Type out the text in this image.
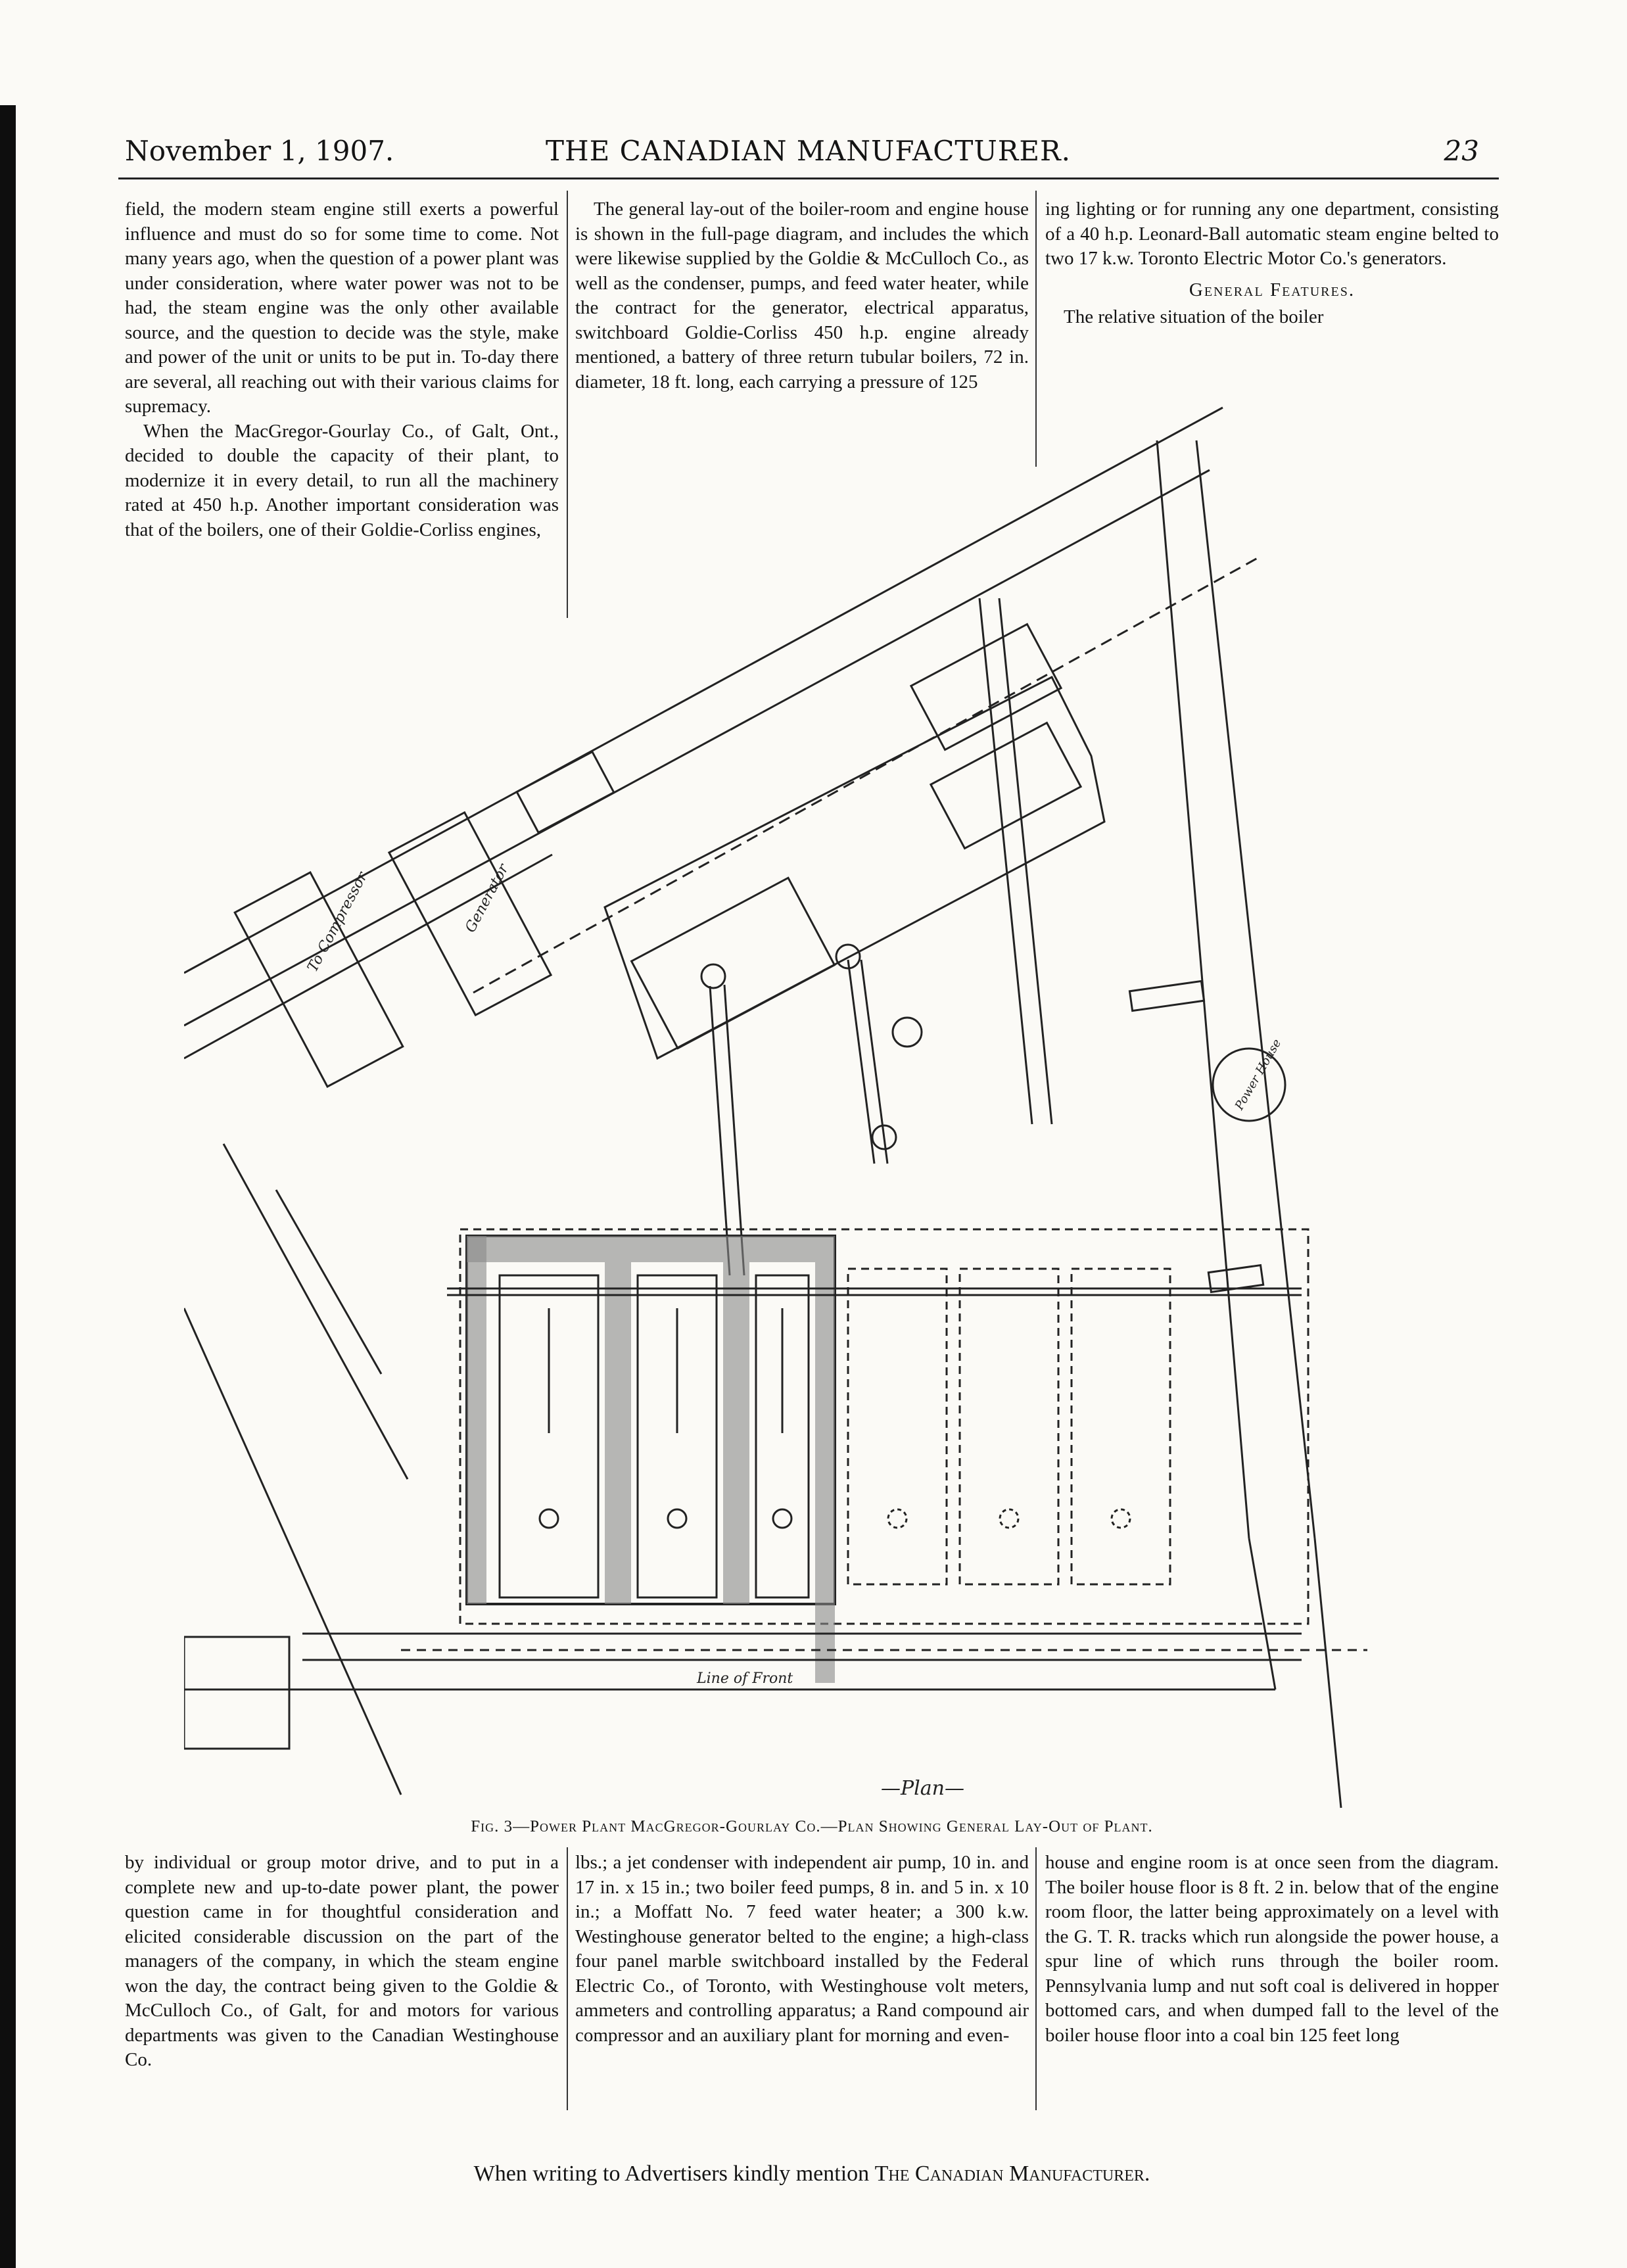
November 1, 1907.	THE CANADIAN MANUFACTURER.	23

field, the modern steam engine still exerts a powerful influence and must do so for some time to come. Not many years ago, when the question of a power plant was under consideration, where water power was not to be had, the steam engine was the only other available source, and the question to decide was the style, make and power of the unit or units to be put in. To-day there are several, all reaching out with their various claims for supremacy.

When the MacGregor-Gourlay Co., of Galt, Ont., decided to double the capacity of their plant, to modernize it in every detail, to run all the machinery rated at 450 h.p. Another important consideration was that of the boilers, one of their Goldie-Corliss engines,

The general lay-out of the boiler-room and engine house is shown in the full-page diagram, and includes the which were likewise supplied by the Goldie & McCulloch Co., as well as the condenser, pumps, and feed water heater, while the contract for the generator, electrical apparatus, switchboard Goldie-Corliss 450 h.p. engine already mentioned, a battery of three return tubular boilers, 72 in. diameter, 18 ft. long, each carrying a pressure of 125

ing lighting or for running any one department, consisting of a 40 h.p. Leonard-Ball automatic steam engine belted to two 17 k.w. Toronto Electric Motor Co.'s generators.

General Features.

The relative situation of the boiler

To Compressor	Generator
Line of Front
Power House
—Plan—
Fig. 3—Power Plant MacGregor-Gourlay Co.—Plan Showing General Lay-Out of Plant.

by individual or group motor drive, and to put in a complete new and up-to-date power plant, the power question came in for thoughtful consideration and elicited considerable discussion on the part of the managers of the company, in which the steam engine won the day, the contract being given to the Goldie & McCulloch Co., of Galt, for and motors for various departments was given to the Canadian Westinghouse Co.

lbs.; a jet condenser with independent air pump, 10 in. and 17 in. x 15 in.; two boiler feed pumps, 8 in. and 5 in. x 10 in.; a Moffatt No. 7 feed water heater; a 300 k.w. Westinghouse generator belted to the engine; a high-class four panel marble switchboard installed by the Federal Electric Co., of Toronto, with Westinghouse volt meters, ammeters and controlling apparatus; a Rand compound air compressor and an auxiliary plant for morning and even-

house and engine room is at once seen from the diagram. The boiler house floor is 8 ft. 2 in. below that of the engine room floor, the latter being approximately on a level with the G. T. R. tracks which run alongside the power house, a spur line of which runs through the boiler room. Pennsylvania lump and nut soft coal is delivered in hopper bottomed cars, and when dumped fall to the level of the boiler house floor into a coal bin 125 feet long

When writing to Advertisers kindly mention The Canadian Manufacturer.
